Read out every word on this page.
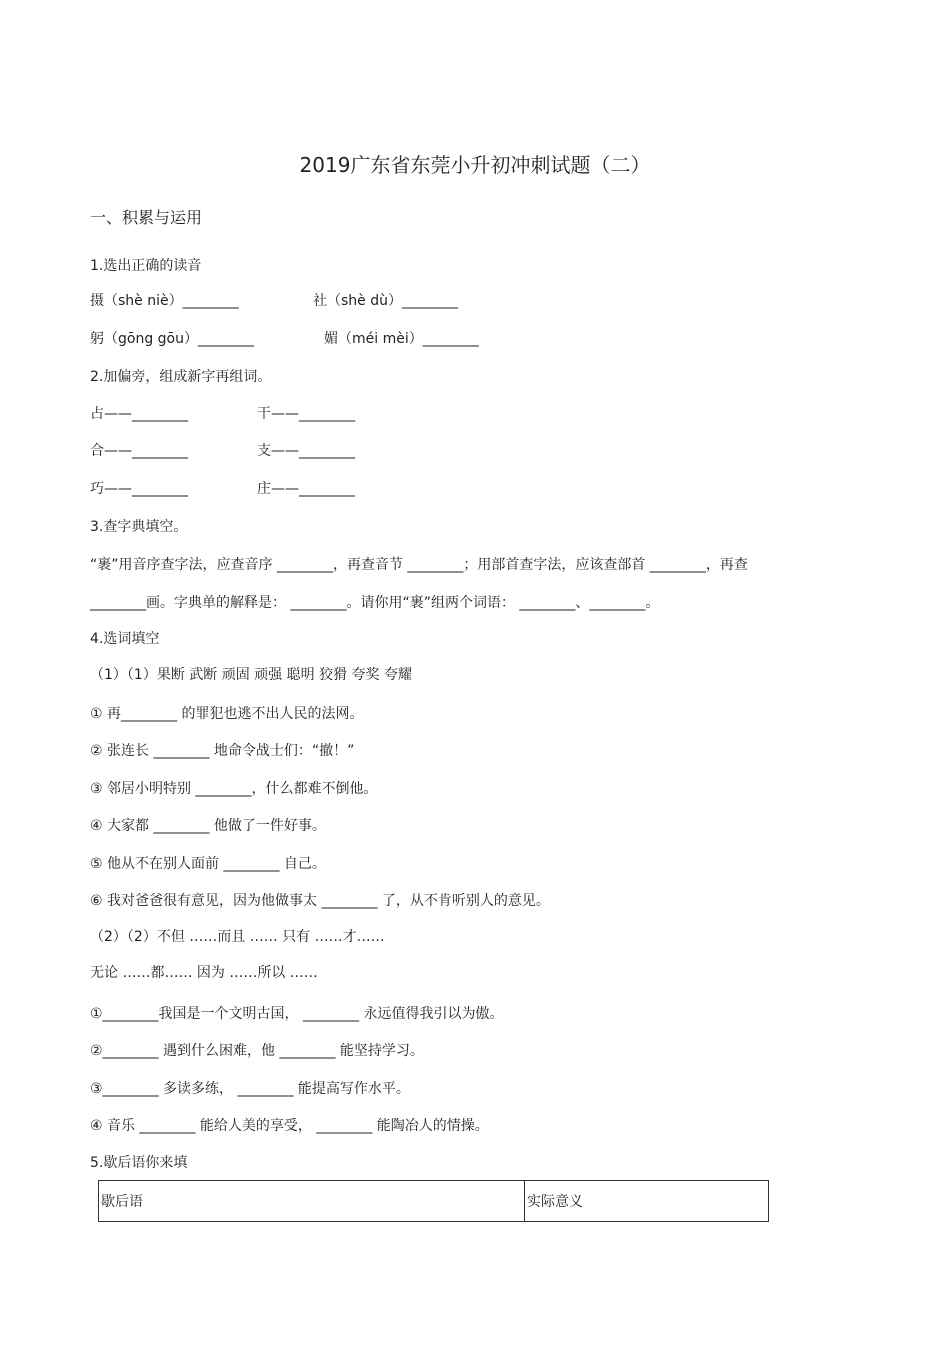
2019广东省东莞小升初冲刺试题（二）
一、积累与运用
1.选出正确的读音
摄（shè niè）________	社（shè dù）________
躬（gōng gōu）________	媚（méi mèi）________
2.加偏旁，组成新字再组词。
占——________	干——________
合——________	支——________
巧——________	庄——________
3.查字典填空。
“裹”用音序查字法，应查音序 ________，再查音节 ________；用部首查字法，应该查部首 ________，再查
________画。字典单的解释是： ________。请你用“裹”组两个词语： ________、________。
4.选词填空
（1）（1）果断 武断 顽固 顽强 聪明 狡猾 夸奖 夸耀
① 再________ 的罪犯也逃不出人民的法网。
② 张连长 ________ 地命令战士们：“撤！”
③ 邻居小明特别 ________，什么都难不倒他。
④ 大家都 ________ 他做了一件好事。
⑤ 他从不在别人面前 ________ 自己。
⑥ 我对爸爸很有意见，因为他做事太 ________ 了，从不肯听别人的意见。
（2）（2）不但 ……而且 …… 只有 ……才……
无论 ……都…… 因为 ……所以 ……
①________我国是一个文明古国， ________ 永远值得我引以为傲。
②________ 遇到什么困难，他 ________ 能坚持学习。
③________ 多读多练， ________ 能提高写作水平。
④ 音乐 ________ 能给人美的享受， ________ 能陶冶人的情操。
5.歇后语你来填
歇后语	实际意义
